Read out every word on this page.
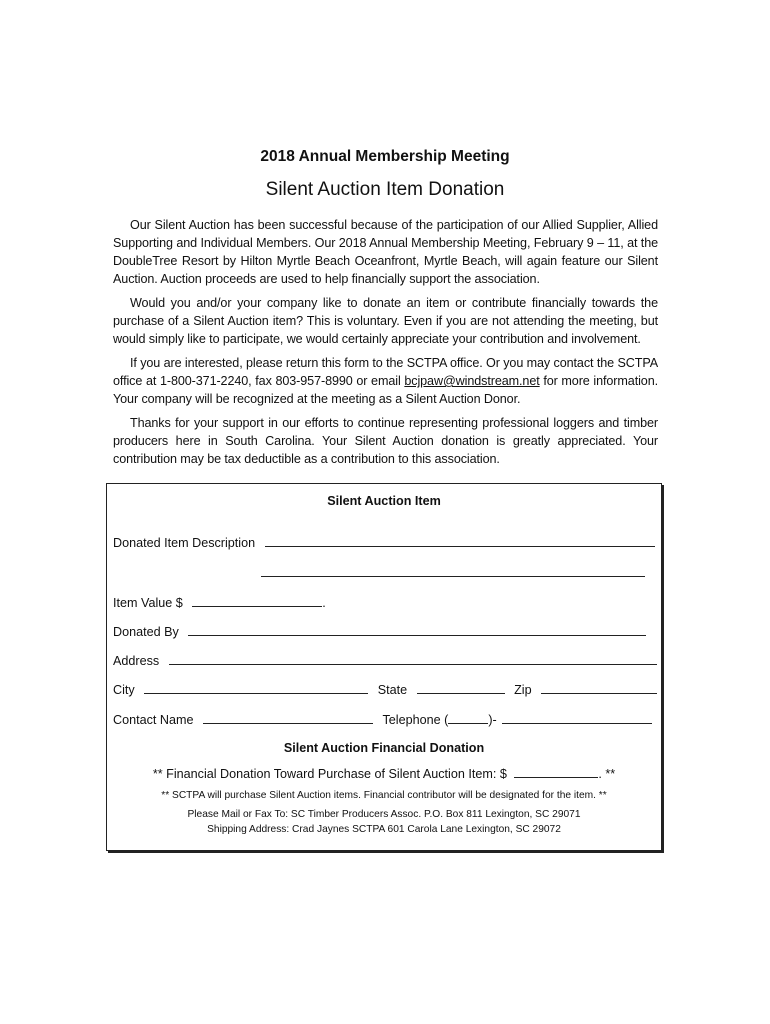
2018 Annual Membership Meeting
Silent Auction Item Donation

Our Silent Auction has been successful because of the participation of our Allied Supplier, Allied Supporting and Individual Members. Our 2018 Annual Membership Meeting, February 9 – 11, at the DoubleTree Resort by Hilton Myrtle Beach Oceanfront, Myrtle Beach, will again feature our Silent Auction. Auction proceeds are used to help financially support the association.

Would you and/or your company like to donate an item or contribute financially towards the purchase of a Silent Auction item? This is voluntary. Even if you are not attending the meeting, but would simply like to participate, we would certainly appreciate your contribution and involvement.

If you are interested, please return this form to the SCTPA office. Or you may contact the SCTPA office at 1-800-371-2240, fax 803-957-8990 or email bcjpaw@windstream.net for more information. Your company will be recognized at the meeting as a Silent Auction Donor.

Thanks for your support in our efforts to continue representing professional loggers and timber producers here in South Carolina. Your Silent Auction donation is greatly appreciated. Your contribution may be tax deductible as a contribution to this association.

Silent Auction Item
Donated Item Description
Item Value $	.
Donated By
Address
City	State	Zip
Contact Name	Telephone (	)-
Silent Auction Financial Donation
** Financial Donation Toward Purchase of Silent Auction Item: $	. **
** SCTPA will purchase Silent Auction items. Financial contributor will be designated for the item. **
Please Mail or Fax To: SC Timber Producers Assoc. P.O. Box 811 Lexington, SC 29071
Shipping Address: Crad Jaynes SCTPA 601 Carola Lane Lexington, SC 29072
